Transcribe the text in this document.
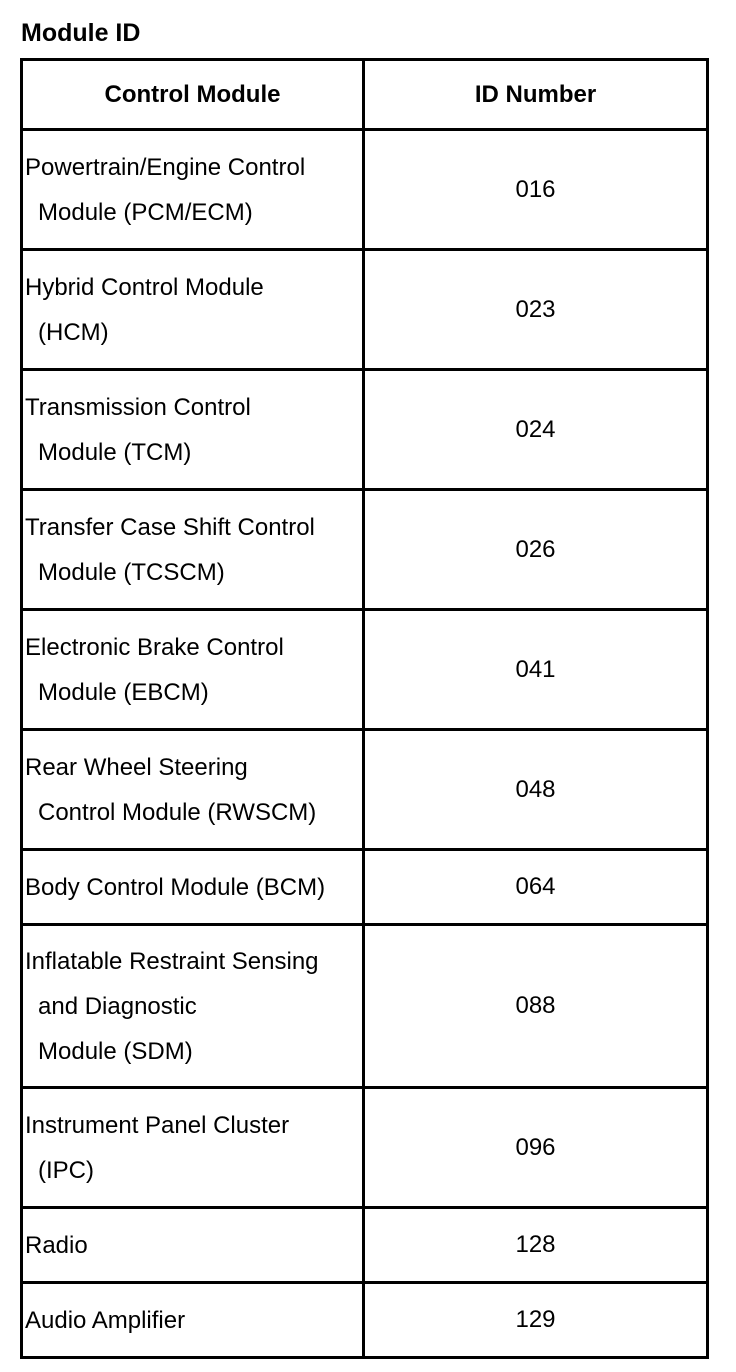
Module ID
Control Module	ID Number

Powertrain/Engine Control
Module (PCM/ECM)	016

Hybrid Control Module
(HCM)	023

Transmission Control
Module (TCM)	024

Transfer Case Shift Control
Module (TCSCM)	026

Electronic Brake Control
Module (EBCM)	041

Rear Wheel Steering
Control Module (RWSCM)	048

Body Control Module (BCM)	064

Inflatable Restraint Sensing
and Diagnostic
Module (SDM)	088

Instrument Panel Cluster
(IPC)	096

Radio	128

Audio Amplifier	129
